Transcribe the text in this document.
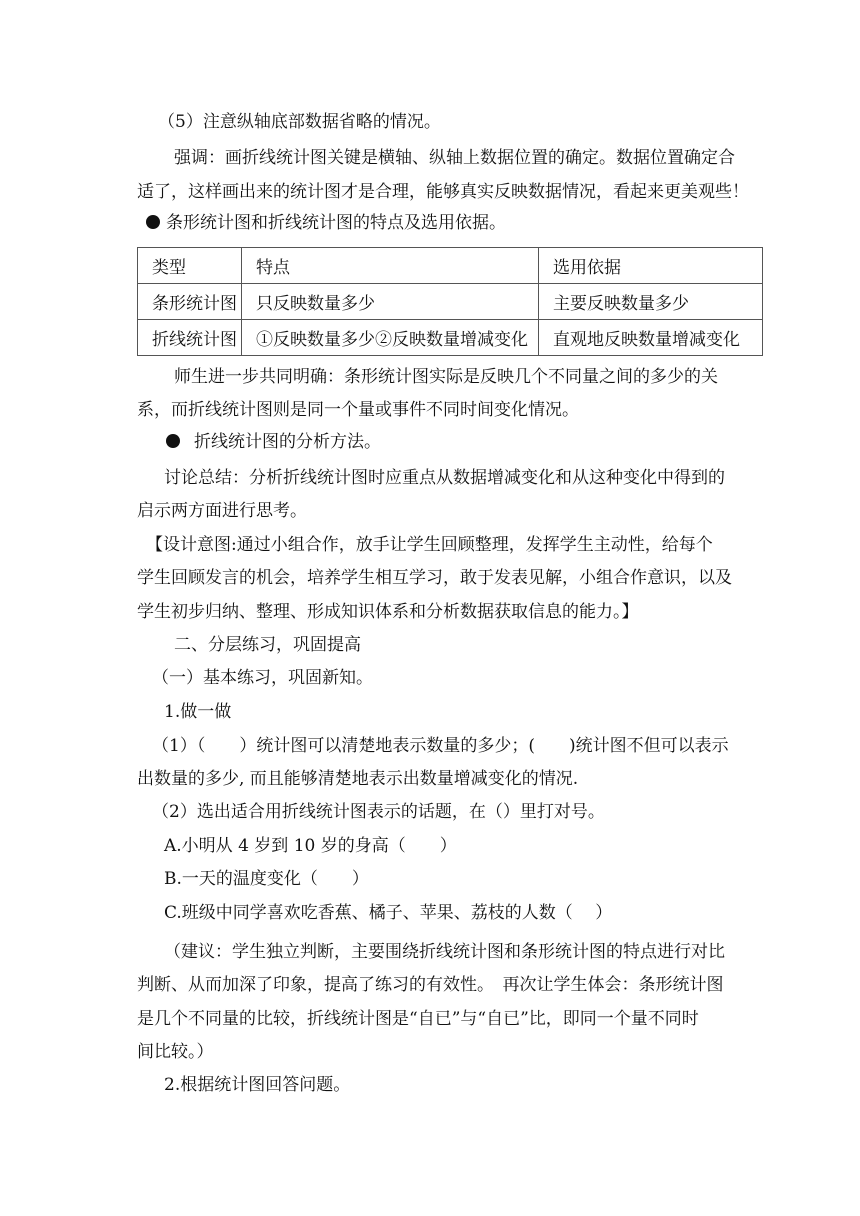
（5）注意纵轴底部数据省略的情况。
强调：画折线统计图关键是横轴、纵轴上数据位置的确定。数据位置确定合
适了，这样画出来的统计图才是合理，能够真实反映数据情况，看起来更美观些！
条形统计图和折线统计图的特点及选用依据。
类型	特点	选用依据
条形统计图	只反映数量多少	主要反映数量多少
折线统计图	①反映数量多少②反映数量增减变化	直观地反映数量增减变化
师生进一步共同明确：条形统计图实际是反映几个不同量之间的多少的关
系，而折线统计图则是同一个量或事件不同时间变化情况。
折线统计图的分析方法。
讨论总结：分析折线统计图时应重点从数据增减变化和从这种变化中得到的
启示两方面进行思考。
【设计意图:通过小组合作，放手让学生回顾整理，发挥学生主动性，给每个
学生回顾发言的机会，培养学生相互学习，敢于发表见解，小组合作意识，以及
学生初步归纳、整理、形成知识体系和分析数据获取信息的能力。】
二、分层练习，巩固提高
（一）基本练习，巩固新知。
1.做一做
（1）（　　）统计图可以清楚地表示数量的多少；(　　)统计图不但可以表示
出数量的多少, 而且能够清楚地表示出数量增减变化的情况.
（2）选出适合用折线统计图表示的话题，在（）里打对号。
A.小明从 4 岁到 10 岁的身高（　　）
B.一天的温度变化（　　）
C.班级中同学喜欢吃香蕉、橘子、苹果、荔枝的人数（　 ）
（建议：学生独立判断，主要围绕折线统计图和条形统计图的特点进行对比
判断、从而加深了印象，提高了练习的有效性。　再次让学生体会：条形统计图
是几个不同量的比较，折线统计图是“自已”与“自已”比，即同一个量不同时
间比较。）
2.根据统计图回答问题。
